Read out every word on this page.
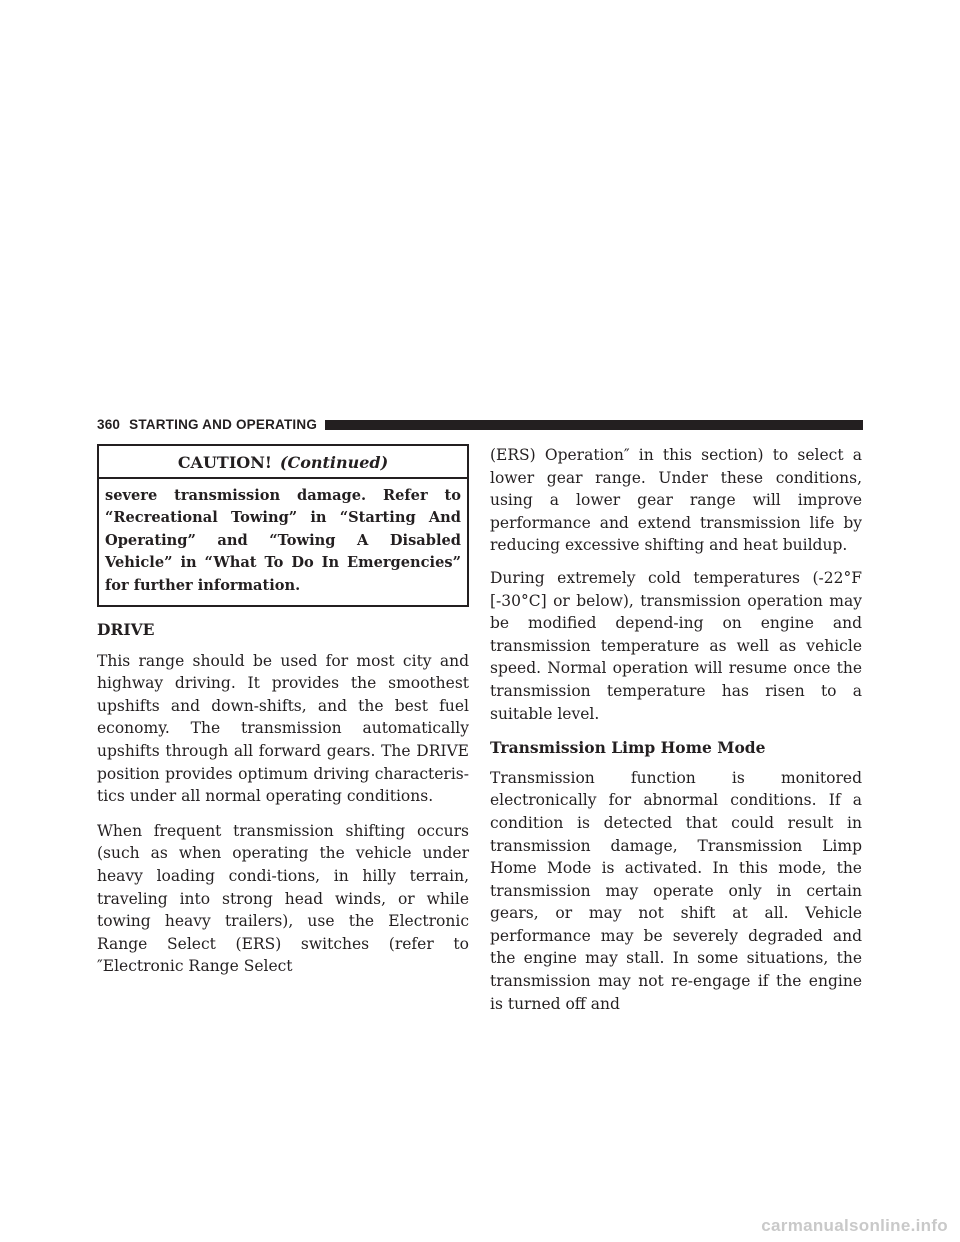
360 STARTING AND OPERATING
CAUTION! (Continued)
severe transmission damage. Refer to “Recreational Towing” in “Starting And Operating” and “Towing A Disabled Vehicle” in “What To Do In Emergencies” for further information.
DRIVE

This range should be used for most city and highway driving. It provides the smoothest upshifts and down-shifts, and the best fuel economy. The transmission automatically upshifts through all forward gears. The DRIVE position provides optimum driving characteris-tics under all normal operating conditions.

When frequent transmission shifting occurs (such as when operating the vehicle under heavy loading condi-tions, in hilly terrain, traveling into strong head winds, or while towing heavy trailers), use the Electronic Range Select (ERS) switches (refer to ″Electronic Range Select

(ERS) Operation″ in this section) to select a lower gear range. Under these conditions, using a lower gear range will improve performance and extend transmission life by reducing excessive shifting and heat buildup.

During extremely cold temperatures (-22°F [-30°C] or below), transmission operation may be modified depend-ing on engine and transmission temperature as well as vehicle speed. Normal operation will resume once the transmission temperature has risen to a suitable level.

Transmission Limp Home Mode

Transmission function is monitored electronically for abnormal conditions. If a condition is detected that could result in transmission damage, Transmission Limp Home Mode is activated. In this mode, the transmission may operate only in certain gears, or may not shift at all. Vehicle performance may be severely degraded and the engine may stall. In some situations, the transmission may not re-engage if the engine is turned off and

carmanualsonline.info
